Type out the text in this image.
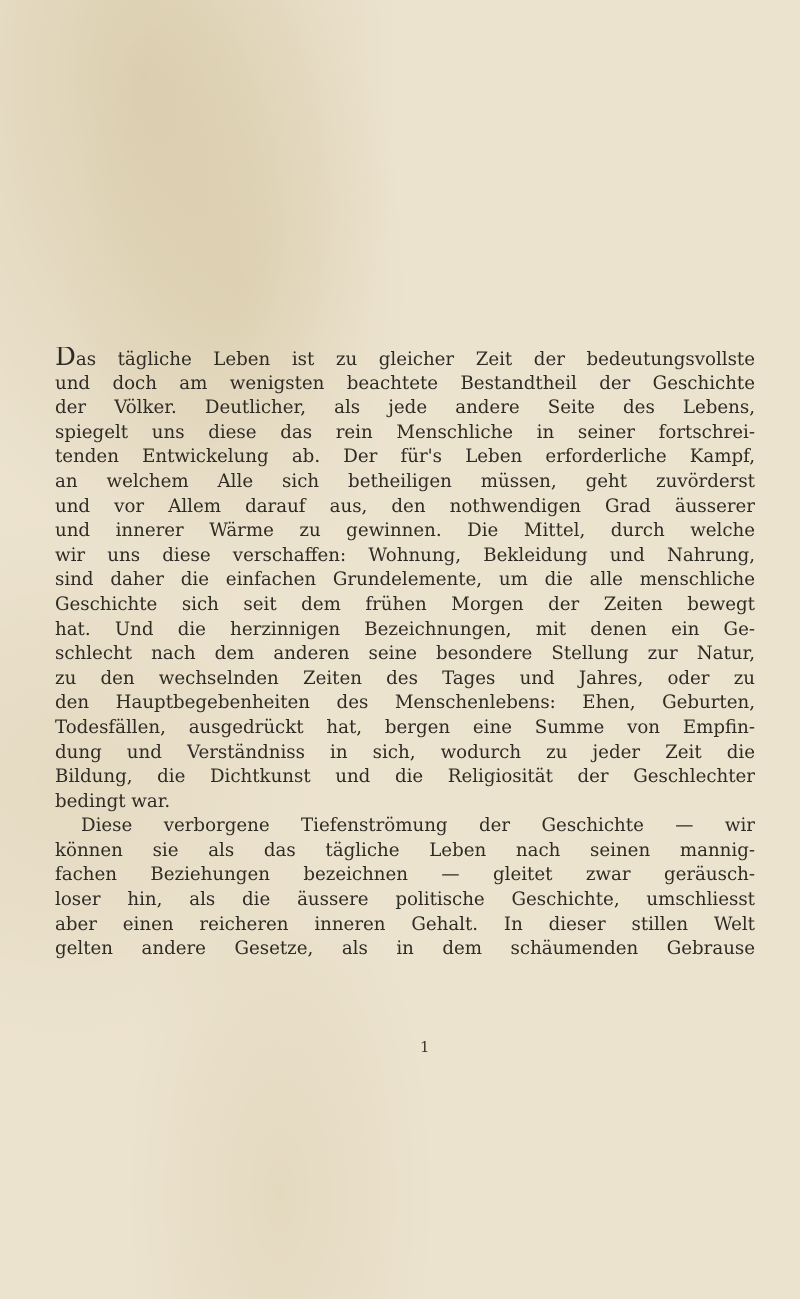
Das tägliche Leben ist zu gleicher Zeit der bedeutungsvollste
und doch am wenigsten beachtete Bestandtheil der Geschichte
der Völker. Deutlicher, als jede andere Seite des Lebens,
spiegelt uns diese das rein Menschliche in seiner fortschrei-
tenden Entwickelung ab. Der für's Leben erforderliche Kampf,
an welchem Alle sich betheiligen müssen, geht zuvörderst
und vor Allem darauf aus, den nothwendigen Grad äusserer
und innerer Wärme zu gewinnen. Die Mittel, durch welche
wir uns diese verschaffen: Wohnung, Bekleidung und Nahrung,
sind daher die einfachen Grundelemente, um die alle menschliche
Geschichte sich seit dem frühen Morgen der Zeiten bewegt
hat. Und die herzinnigen Bezeichnungen, mit denen ein Ge-
schlecht nach dem anderen seine besondere Stellung zur Natur,
zu den wechselnden Zeiten des Tages und Jahres, oder zu
den Hauptbegebenheiten des Menschenlebens: Ehen, Geburten,
Todesfällen, ausgedrückt hat, bergen eine Summe von Empfin-
dung und Verständniss in sich, wodurch zu jeder Zeit die
Bildung, die Dichtkunst und die Religiosität der Geschlechter
bedingt war.

Diese verborgene Tiefenströmung der Geschichte — wir
können sie als das tägliche Leben nach seinen mannig-
fachen Beziehungen bezeichnen — gleitet zwar geräusch-
loser hin, als die äussere politische Geschichte, umschliesst
aber einen reicheren inneren Gehalt. In dieser stillen Welt
gelten andere Gesetze, als in dem schäumenden Gebrause

1
